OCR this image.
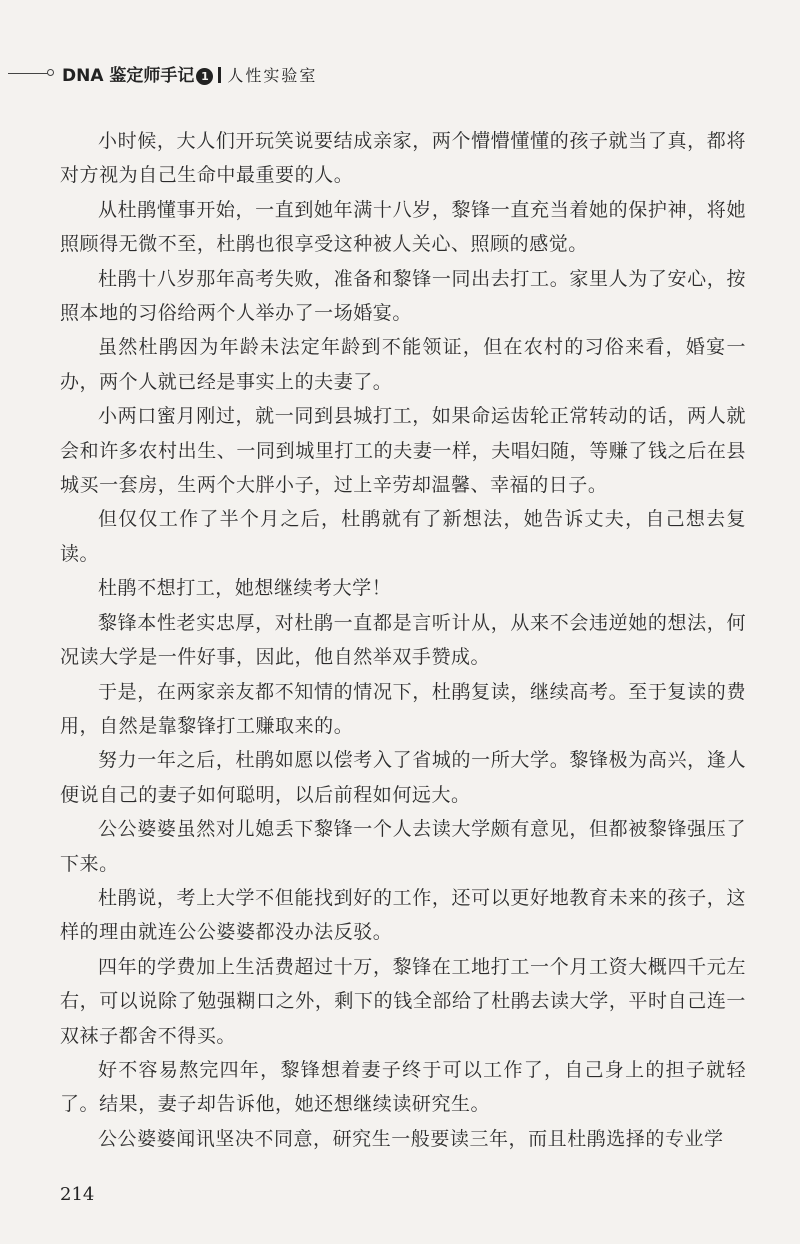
DNA 鉴定师手记 1 人性实验室

小时候，大人们开玩笑说要结成亲家，两个懵懵懂懂的孩子就当了真，都将对方视为自己生命中最重要的人。

从杜鹃懂事开始，一直到她年满十八岁，黎锋一直充当着她的保护神，将她照顾得无微不至，杜鹃也很享受这种被人关心、照顾的感觉。

杜鹃十八岁那年高考失败，准备和黎锋一同出去打工。家里人为了安心，按照本地的习俗给两个人举办了一场婚宴。

虽然杜鹃因为年龄未法定年龄到不能领证，但在农村的习俗来看，婚宴一办，两个人就已经是事实上的夫妻了。

小两口蜜月刚过，就一同到县城打工，如果命运齿轮正常转动的话，两人就会和许多农村出生、一同到城里打工的夫妻一样，夫唱妇随，等赚了钱之后在县城买一套房，生两个大胖小子，过上辛劳却温馨、幸福的日子。

但仅仅工作了半个月之后，杜鹃就有了新想法，她告诉丈夫，自己想去复读。

杜鹃不想打工，她想继续考大学！

黎锋本性老实忠厚，对杜鹃一直都是言听计从，从来不会违逆她的想法，何况读大学是一件好事，因此，他自然举双手赞成。

于是，在两家亲友都不知情的情况下，杜鹃复读，继续高考。至于复读的费用，自然是靠黎锋打工赚取来的。

努力一年之后，杜鹃如愿以偿考入了省城的一所大学。黎锋极为高兴，逢人便说自己的妻子如何聪明，以后前程如何远大。

公公婆婆虽然对儿媳丢下黎锋一个人去读大学颇有意见，但都被黎锋强压了下来。

杜鹃说，考上大学不但能找到好的工作，还可以更好地教育未来的孩子，这样的理由就连公公婆婆都没办法反驳。

四年的学费加上生活费超过十万，黎锋在工地打工一个月工资大概四千元左右，可以说除了勉强糊口之外，剩下的钱全部给了杜鹃去读大学，平时自己连一双袜子都舍不得买。

好不容易熬完四年，黎锋想着妻子终于可以工作了，自己身上的担子就轻了。结果，妻子却告诉他，她还想继续读研究生。

公公婆婆闻讯坚决不同意，研究生一般要读三年，而且杜鹃选择的专业学

214
